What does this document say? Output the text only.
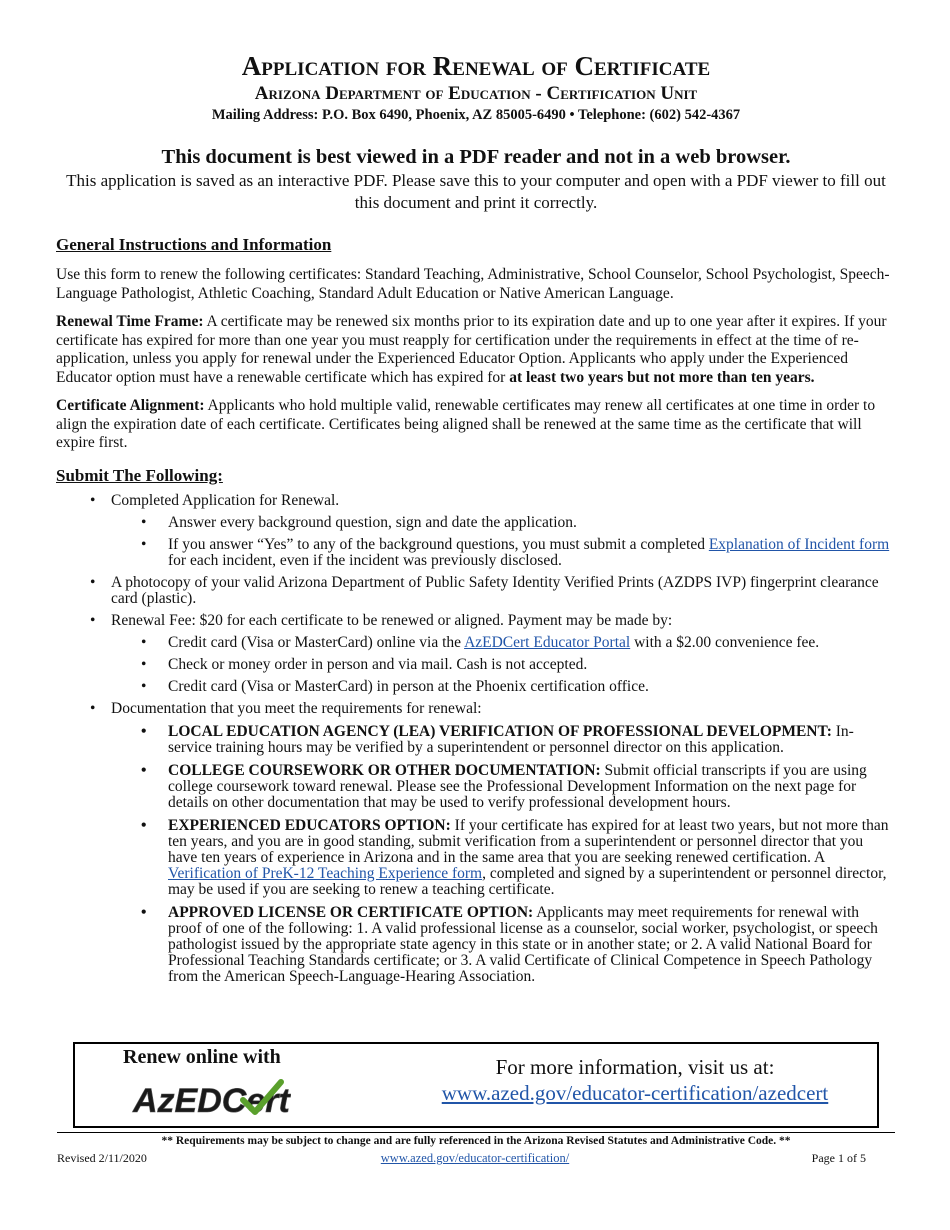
Application for Renewal of Certificate
Arizona Department of Education - Certification Unit
Mailing Address: P.O. Box 6490, Phoenix, AZ 85005-6490 • Telephone: (602) 542-4367
This document is best viewed in a PDF reader and not in a web browser.
This application is saved as an interactive PDF. Please save this to your computer and open with a PDF viewer to fill out this document and print it correctly.
General Instructions and Information

Use this form to renew the following certificates: Standard Teaching, Administrative, School Counselor, School Psychologist, Speech-Language Pathologist, Athletic Coaching, Standard Adult Education or Native American Language.

Renewal Time Frame: A certificate may be renewed six months prior to its expiration date and up to one year after it expires. If your certificate has expired for more than one year you must reapply for certification under the requirements in effect at the time of re-application, unless you apply for renewal under the Experienced Educator Option. Applicants who apply under the Experienced Educator option must have a renewable certificate which has expired for at least two years but not more than ten years.

Certificate Alignment: Applicants who hold multiple valid, renewable certificates may renew all certificates at one time in order to align the expiration date of each certificate. Certificates being aligned shall be renewed at the same time as the certificate that will expire first.

Submit The Following:
• Completed Application for Renewal.
• Answer every background question, sign and date the application.
• If you answer “Yes” to any of the background questions, you must submit a completed Explanation of Incident form for each incident, even if the incident was previously disclosed.
• A photocopy of your valid Arizona Department of Public Safety Identity Verified Prints (AZDPS IVP) fingerprint clearance card (plastic).
• Renewal Fee: $20 for each certificate to be renewed or aligned. Payment may be made by:
• Credit card (Visa or MasterCard) online via the AzEDCert Educator Portal with a $2.00 convenience fee.
• Check or money order in person and via mail. Cash is not accepted.
• Credit card (Visa or MasterCard) in person at the Phoenix certification office.
• Documentation that you meet the requirements for renewal:
• LOCAL EDUCATION AGENCY (LEA) VERIFICATION OF PROFESSIONAL DEVELOPMENT: In-service training hours may be verified by a superintendent or personnel director on this application.
• COLLEGE COURSEWORK OR OTHER DOCUMENTATION: Submit official transcripts if you are using college coursework toward renewal. Please see the Professional Development Information on the next page for details on other documentation that may be used to verify professional development hours.
• EXPERIENCED EDUCATORS OPTION: If your certificate has expired for at least two years, but not more than ten years, and you are in good standing, submit verification from a superintendent or personnel director that you have ten years of experience in Arizona and in the same area that you are seeking renewed certification. A Verification of PreK-12 Teaching Experience form, completed and signed by a superintendent or personnel director, may be used if you are seeking to renew a teaching certificate.
• APPROVED LICENSE OR CERTIFICATE OPTION: Applicants may meet requirements for renewal with proof of one of the following: 1. A valid professional license as a counselor, social worker, psychologist, or speech pathologist issued by the appropriate state agency in this state or in another state; or 2. A valid National Board for Professional Teaching Standards certificate; or 3. A valid Certificate of Clinical Competence in Speech Pathology from the American Speech-Language-Hearing Association.
Renew online with
AzEDCert
For more information, visit us at:
www.azed.gov/educator-certification/azedcert
** Requirements may be subject to change and are fully referenced in the Arizona Revised Statutes and Administrative Code. **
Revised 2/11/2020	www.azed.gov/educator-certification/	Page 1 of 5
